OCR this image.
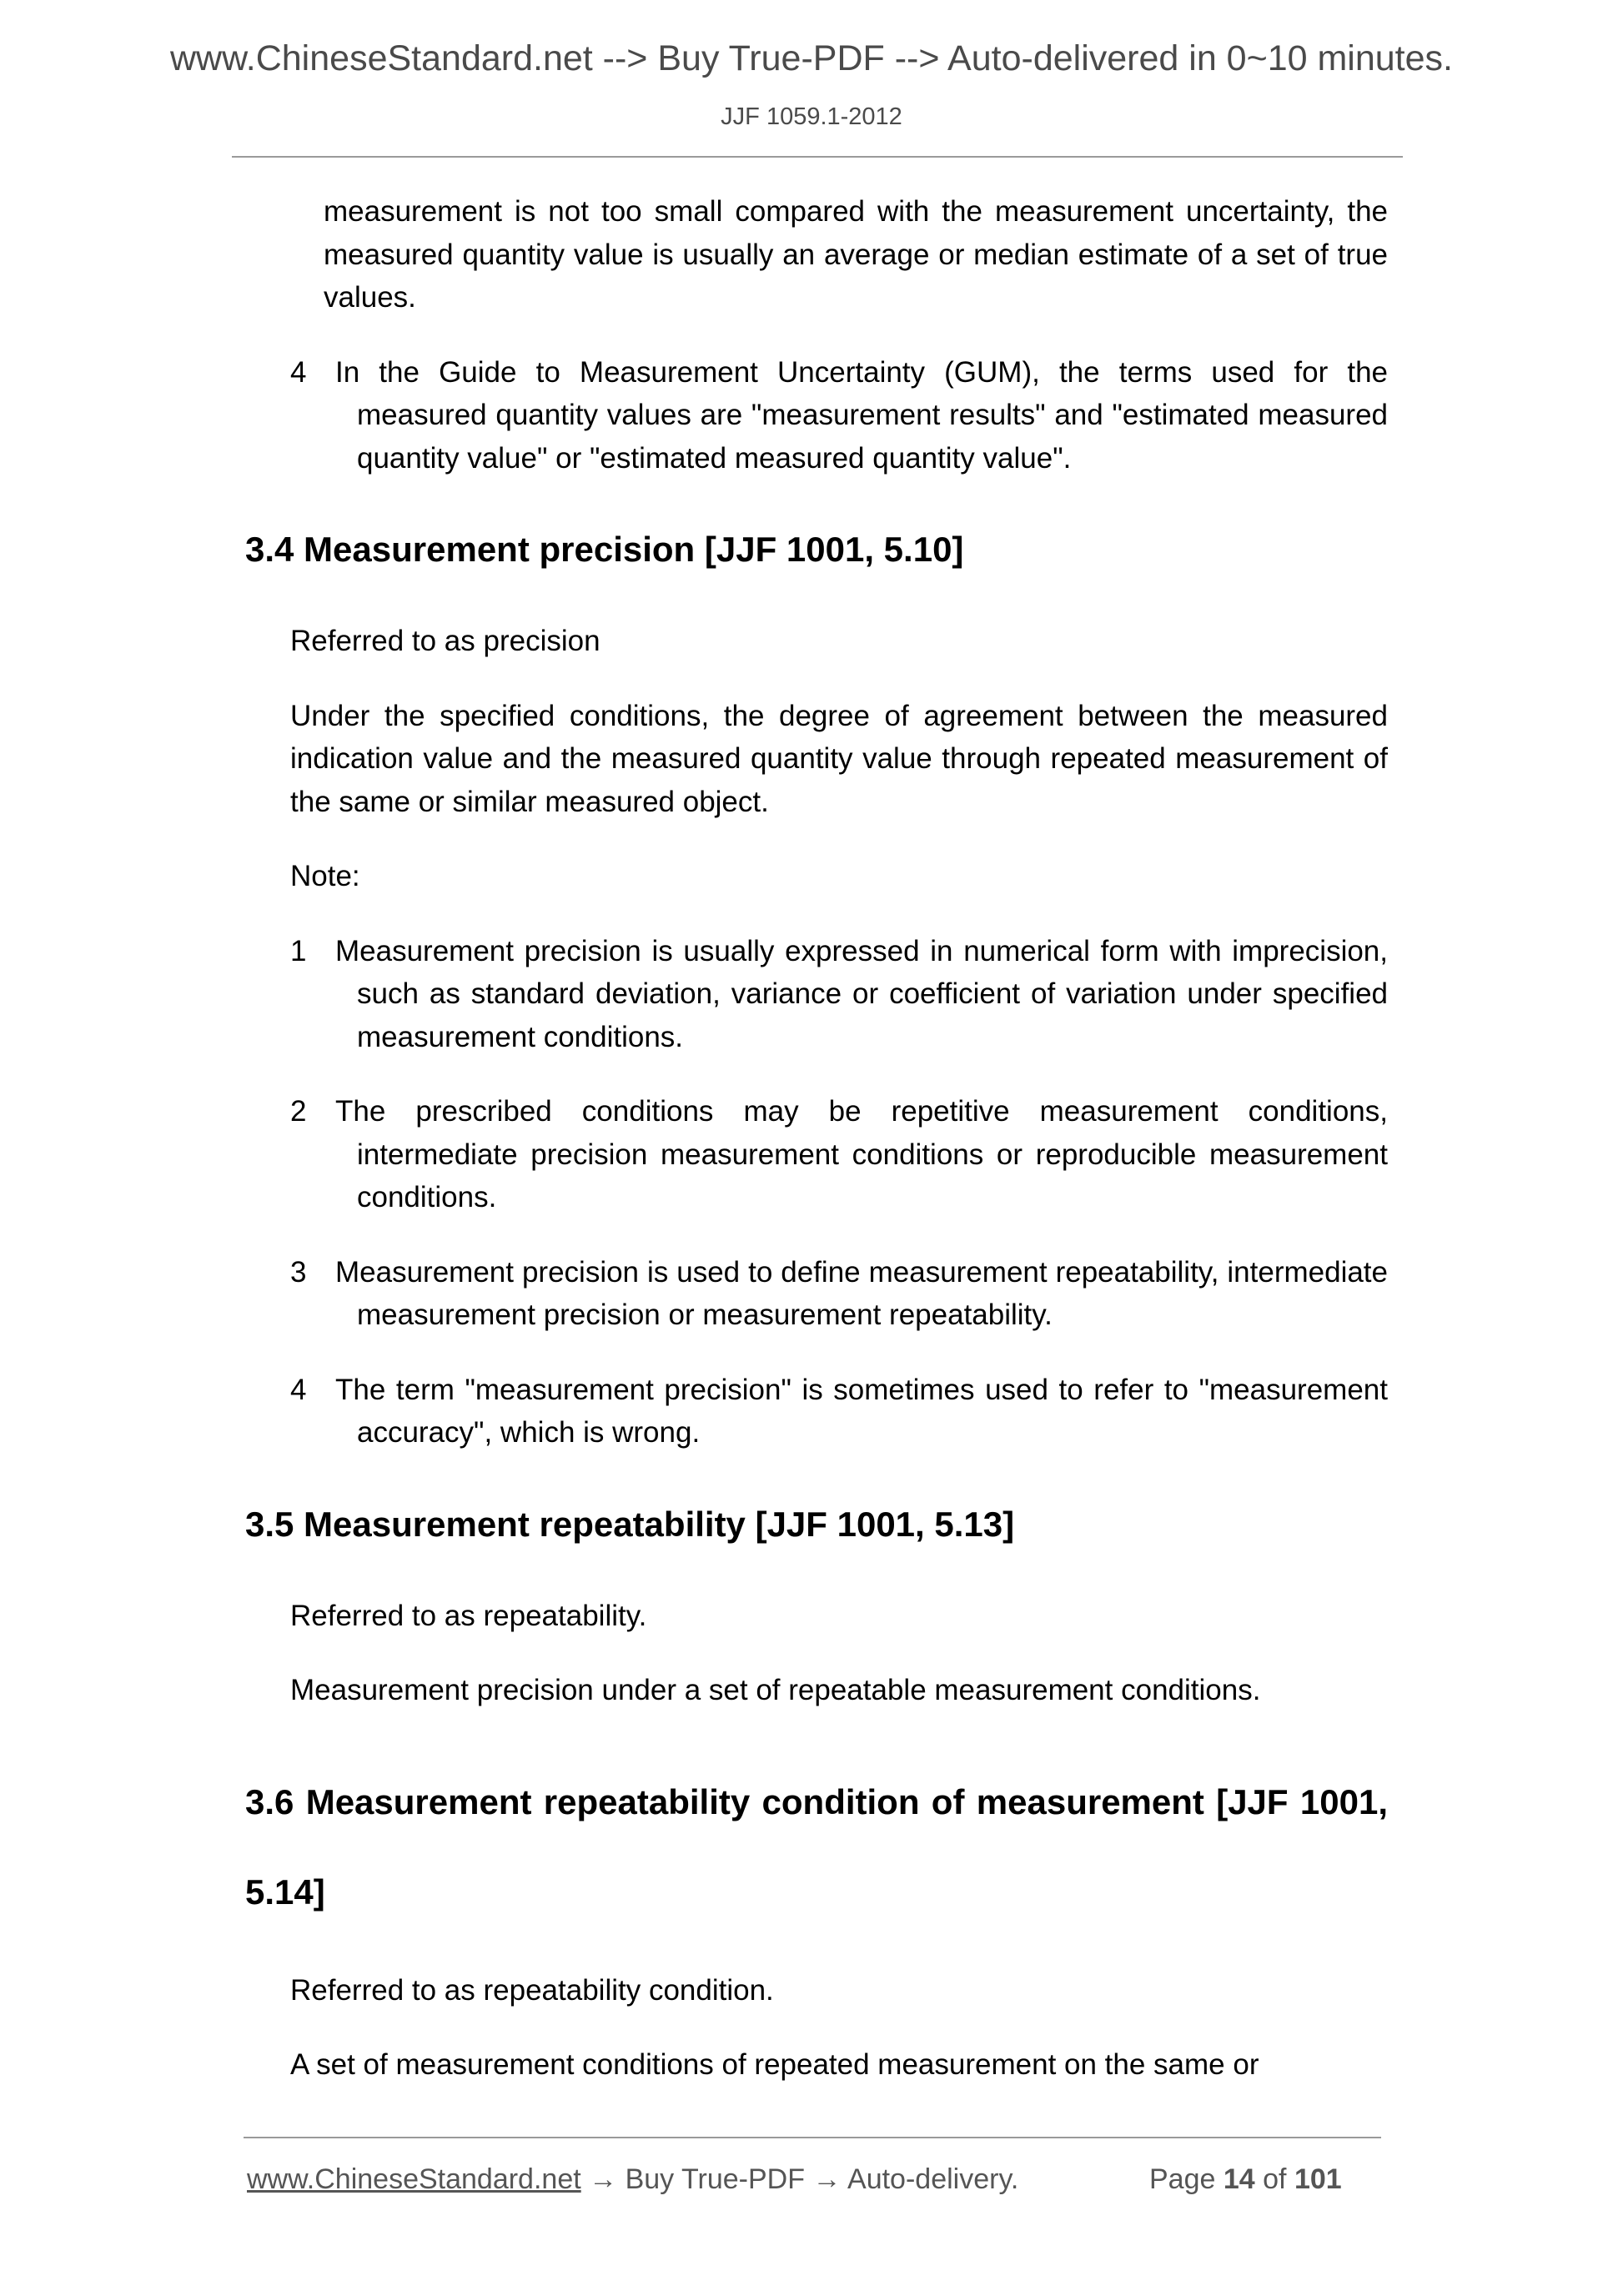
www.ChineseStandard.net --> Buy True-PDF --> Auto-delivered in 0~10 minutes.
JJF 1059.1-2012

measurement is not too small compared with the measurement uncertainty, the measured quantity value is usually an average or median estimate of a set of true values.

4 In the Guide to Measurement Uncertainty (GUM), the terms used for the measured quantity values are "measurement results" and "estimated measured quantity value" or "estimated measured quantity value".

3.4 Measurement precision [JJF 1001, 5.10]

Referred to as precision

Under the specified conditions, the degree of agreement between the measured indication value and the measured quantity value through repeated measurement of the same or similar measured object.

Note:

1 Measurement precision is usually expressed in numerical form with imprecision, such as standard deviation, variance or coefficient of variation under specified measurement conditions.

2 The prescribed conditions may be repetitive measurement conditions, intermediate precision measurement conditions or reproducible measurement conditions.

3 Measurement precision is used to define measurement repeatability, intermediate measurement precision or measurement repeatability.

4 The term "measurement precision" is sometimes used to refer to "measurement accuracy", which is wrong.

3.5 Measurement repeatability [JJF 1001, 5.13]

Referred to as repeatability.

Measurement precision under a set of repeatable measurement conditions.

3.6 Measurement repeatability condition of measurement [JJF 1001, 5.14]

Referred to as repeatability condition.

A set of measurement conditions of repeated measurement on the same or

www.ChineseStandard.net → Buy True-PDF → Auto-delivery.	Page 14 of 101
